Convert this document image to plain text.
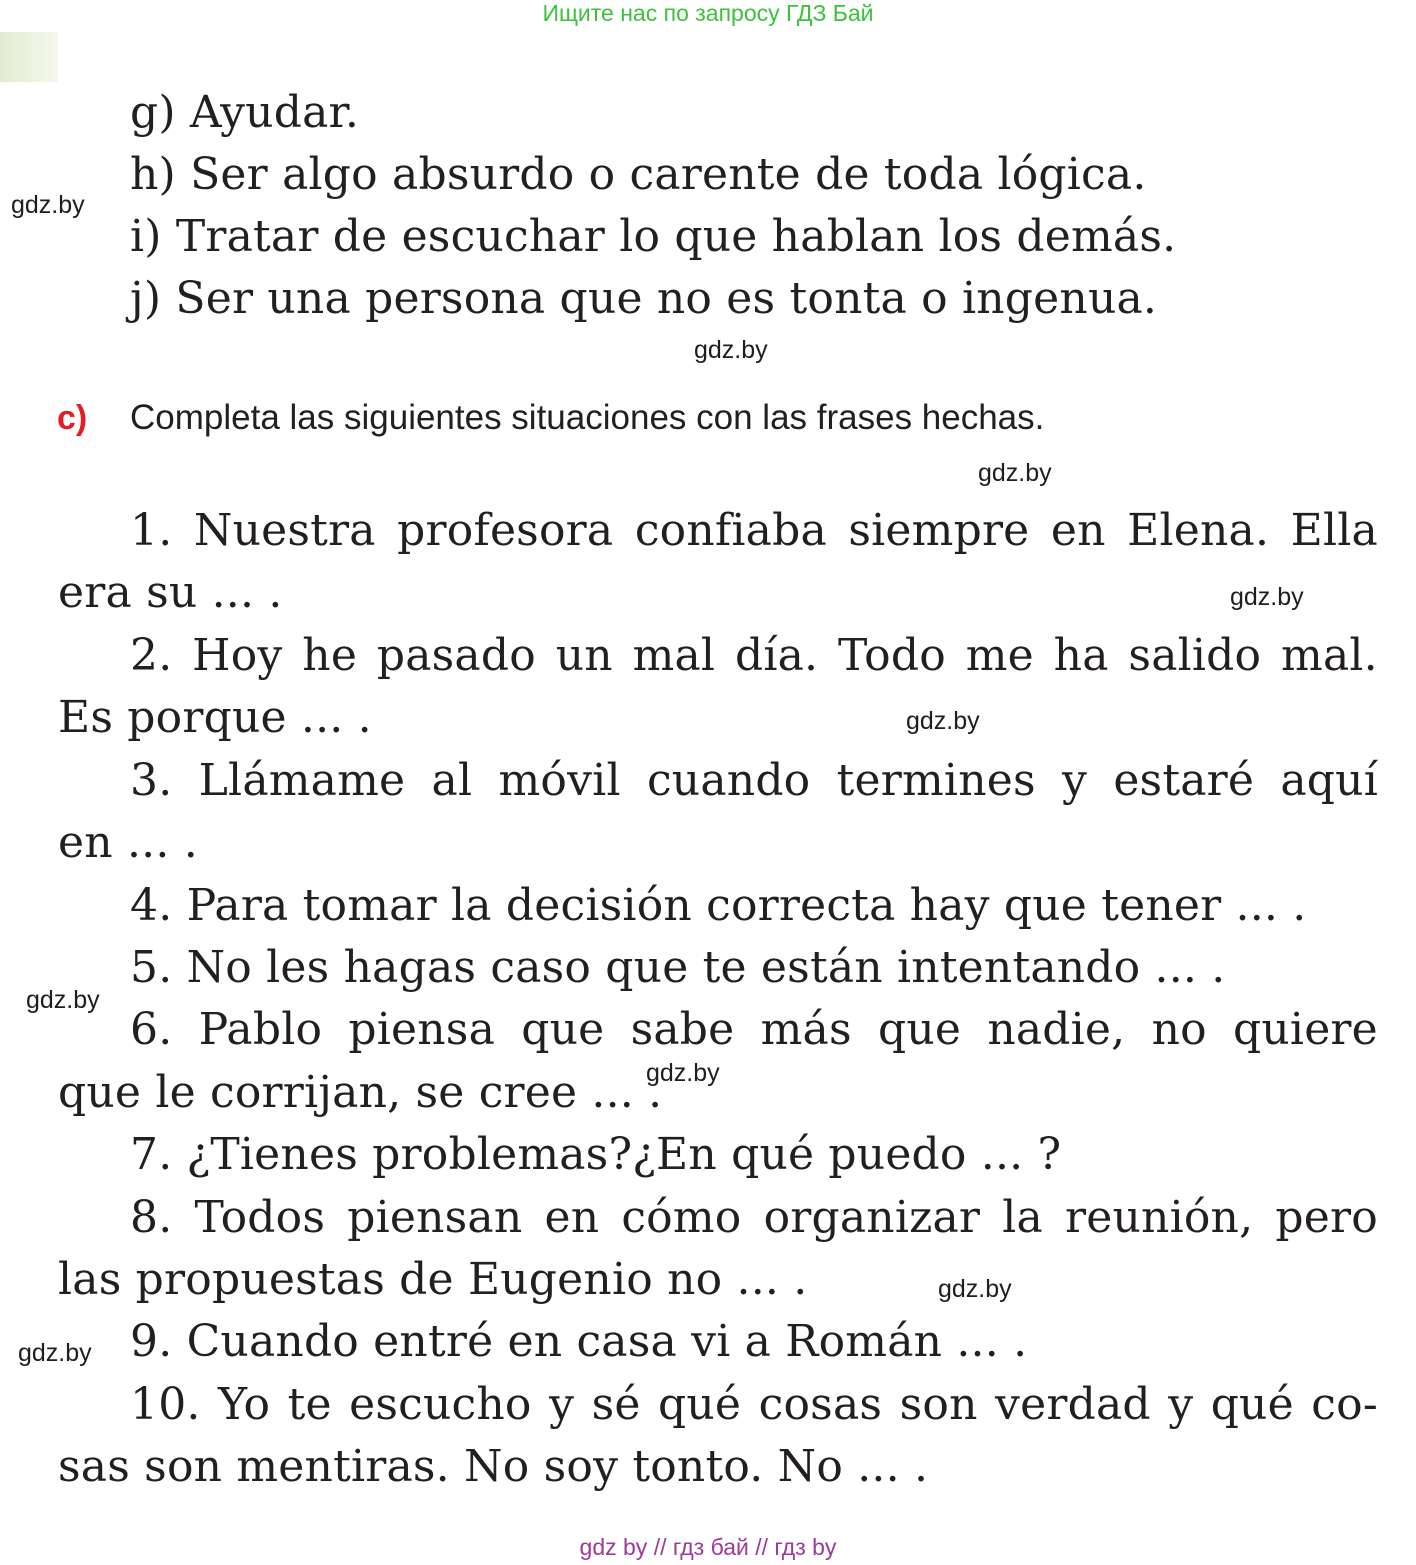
Ищите нас по запросу ГДЗ Бай
g) Ayudar.
h) Ser algo absurdo o carente de toda lógica.
i) Tratar de escuchar lo que hablan los demás.
j) Ser una persona que no es tonta o ingenua.
c) Completa las siguientes situaciones con las frases hechas.
1. Nuestra profesora confiaba siempre en Elena. Ella
era su ... .
2. Hoy he pasado un mal día. Todo me ha salido mal.
Es porque ... .
3. Llámame al móvil cuando termines y estaré aquí
en ... .
4. Para tomar la decisión correcta hay que tener ... .
5. No les hagas caso que te están intentando ... .
6. Pablo piensa que sabe más que nadie, no quiere
que le corrijan, se cree ... .
7. ¿Tienes problemas?¿En qué puedo ... ?
8. Todos piensan en cómo organizar la reunión, pero
las propuestas de Eugenio no ... .
9. Cuando entré en casa vi a Román ... .
10. Yo te escucho y sé qué cosas son verdad y qué co-
sas son mentiras. No soy tonto. No ... .
gdz.by
gdz.by
gdz.by
gdz.by
gdz.by
gdz.by
gdz.by
gdz.by
gdz.by
gdz by // гдз бай // гдз by
